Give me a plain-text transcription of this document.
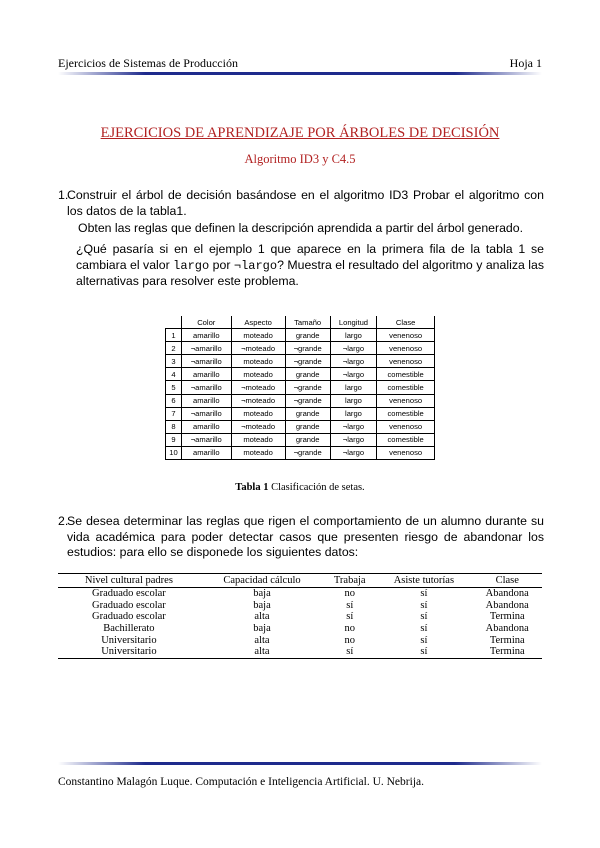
Ejercicios de Sistemas de Producción	Hoja 1
EJERCICIOS DE APRENDIZAJE POR ÁRBOLES DE DECISIÓN
Algoritmo ID3 y C4.5
1.
Construir el árbol de decisión basándose en el algoritmo ID3 Probar el algoritmo con los datos de la tabla1.
Obten las reglas que definen la descripción aprendida a partir del árbol generado.
¿Qué pasaría si en el ejemplo 1 que aparece en la primera fila de la tabla 1 se cambiara el valor largo por ¬largo? Muestra el resultado del algoritmo y analiza las alternativas para resolver este problema.
	Color	Aspecto	Tamaño	Longitud	Clase
1	amarillo	moteado	grande	largo	venenoso
2	¬amarillo	¬moteado	¬grande	¬largo	venenoso
3	¬amarillo	moteado	¬grande	¬largo	venenoso
4	amarillo	moteado	grande	¬largo	comestible
5	¬amarillo	¬moteado	¬grande	largo	comestible
6	amarillo	¬moteado	¬grande	largo	venenoso
7	¬amarillo	moteado	grande	largo	comestible
8	amarillo	¬moteado	grande	¬largo	venenoso
9	¬amarillo	moteado	grande	¬largo	comestible
10	amarillo	moteado	¬grande	¬largo	venenoso
Tabla 1 Clasificación de setas.
2.
Se desea determinar las reglas que rigen el comportamiento de un alumno durante su vida académica para poder detectar casos que presenten riesgo de abandonar los estudios: para ello se disponede los siguientes datos:
Nivel cultural padres	Capacidad cálculo	Trabaja	Asiste tutorías	Clase
Graduado escolar	baja	no	sí	Abandona
Graduado escolar	baja	sí	sí	Abandona
Graduado escolar	alta	sí	sí	Termina
Bachillerato	baja	no	sí	Abandona
Universitario	alta	no	sí	Termina
Universitario	alta	sí	sí	Termina
Constantino Malagón Luque. Computación e Inteligencia Artificial. U. Nebrija.
